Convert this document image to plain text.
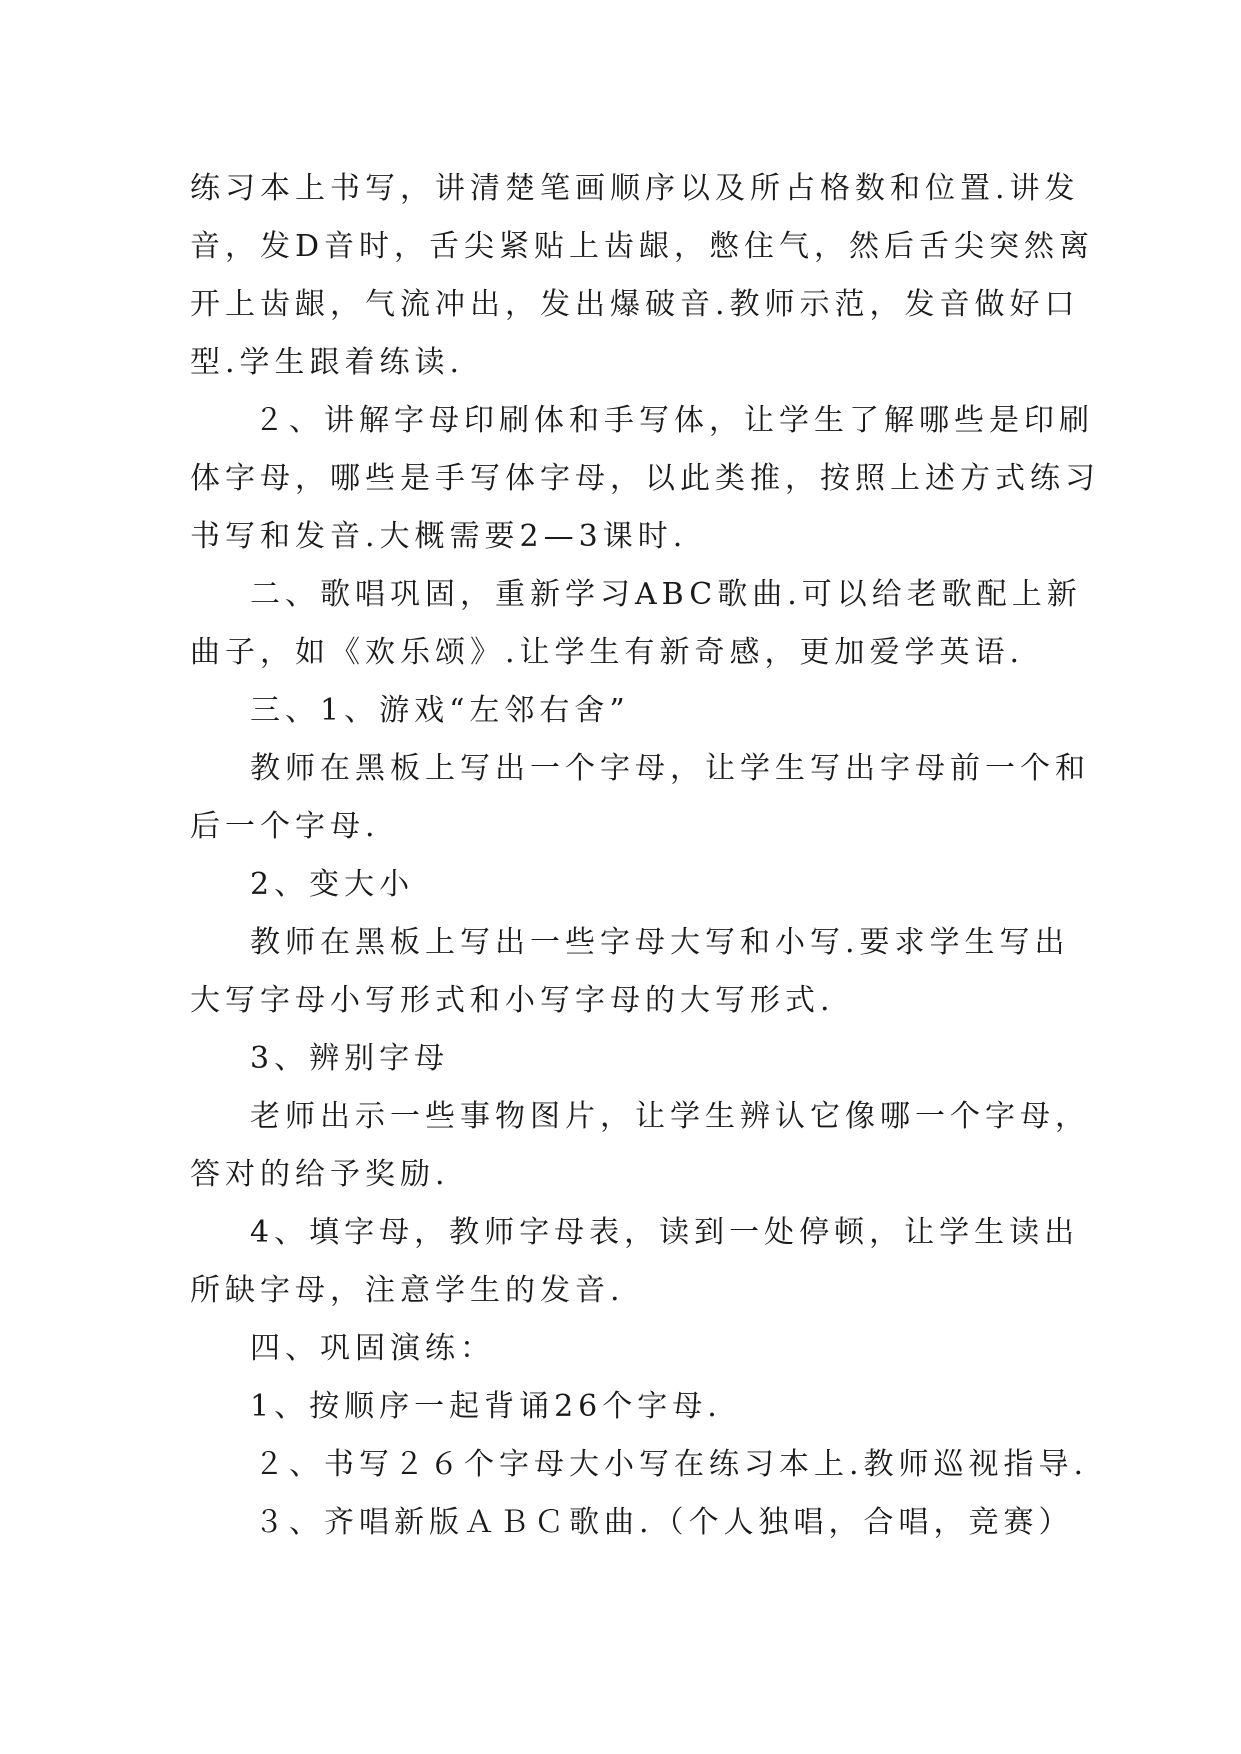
练习本上书写，讲清楚笔画顺序以及所占格数和位置.讲发
音，发D音时，舌尖紧贴上齿龈，憋住气，然后舌尖突然离
开上齿龈，气流冲出，发出爆破音.教师示范，发音做好口
型.学生跟着练读.
２、讲解字母印刷体和手写体，让学生了解哪些是印刷
体字母，哪些是手写体字母，以此类推，按照上述方式练习
书写和发音.大概需要2—3课时.
二、歌唱巩固，重新学习ABC歌曲.可以给老歌配上新
曲子，如《欢乐颂》.让学生有新奇感，更加爱学英语.
三、1、游戏“左邻右舍”
教师在黑板上写出一个字母，让学生写出字母前一个和
后一个字母.
2、变大小
教师在黑板上写出一些字母大写和小写.要求学生写出
大写字母小写形式和小写字母的大写形式.
3、辨别字母
老师出示一些事物图片，让学生辨认它像哪一个字母，
答对的给予奖励.
4、填字母，教师字母表，读到一处停顿，让学生读出
所缺字母，注意学生的发音.
四、巩固演练：
1、按顺序一起背诵26个字母.
２、书写２６个字母大小写在练习本上.教师巡视指导.
３、齐唱新版ＡＢＣ歌曲.（个人独唱，合唱，竞赛）
